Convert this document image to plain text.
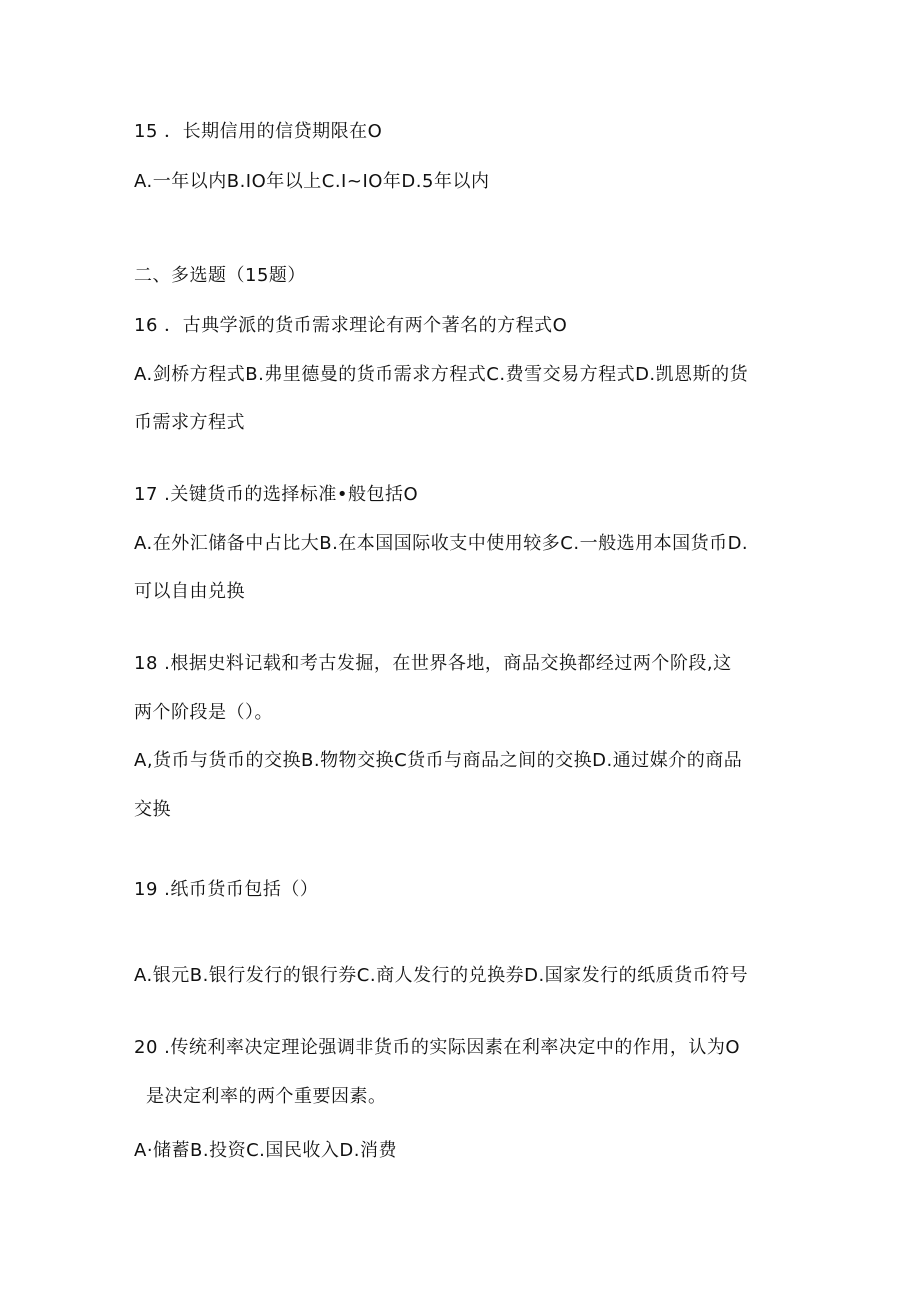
15 ．长期信用的信贷期限在O
A.一年以内B.IO年以上C.I~IO年D.5年以内
二、多选题（15题）
16 ．古典学派的货币需求理论有两个著名的方程式O
A.剑桥方程式B.弗里德曼的货币需求方程式C.费雪交易方程式D.凯恩斯的货
币需求方程式
17 .关键货币的选择标准•般包括O
A.在外汇储备中占比大B.在本国国际收支中使用较多C.一般选用本国货币D.
可以自由兑换
18 .根据史料记载和考古发掘，在世界各地，商品交换都经过两个阶段,这
两个阶段是（）。
A,货币与货币的交换B.物物交换C货币与商品之间的交换D.通过媒介的商品
交换
19 .纸币货币包括（）
A.银元B.银行发行的银行券C.商人发行的兑换券D.国家发行的纸质货币符号
20 .传统利率决定理论强调非货币的实际因素在利率决定中的作用，认为O
是决定利率的两个重要因素。
A·储蓄B.投资C.国民收入D.消费
